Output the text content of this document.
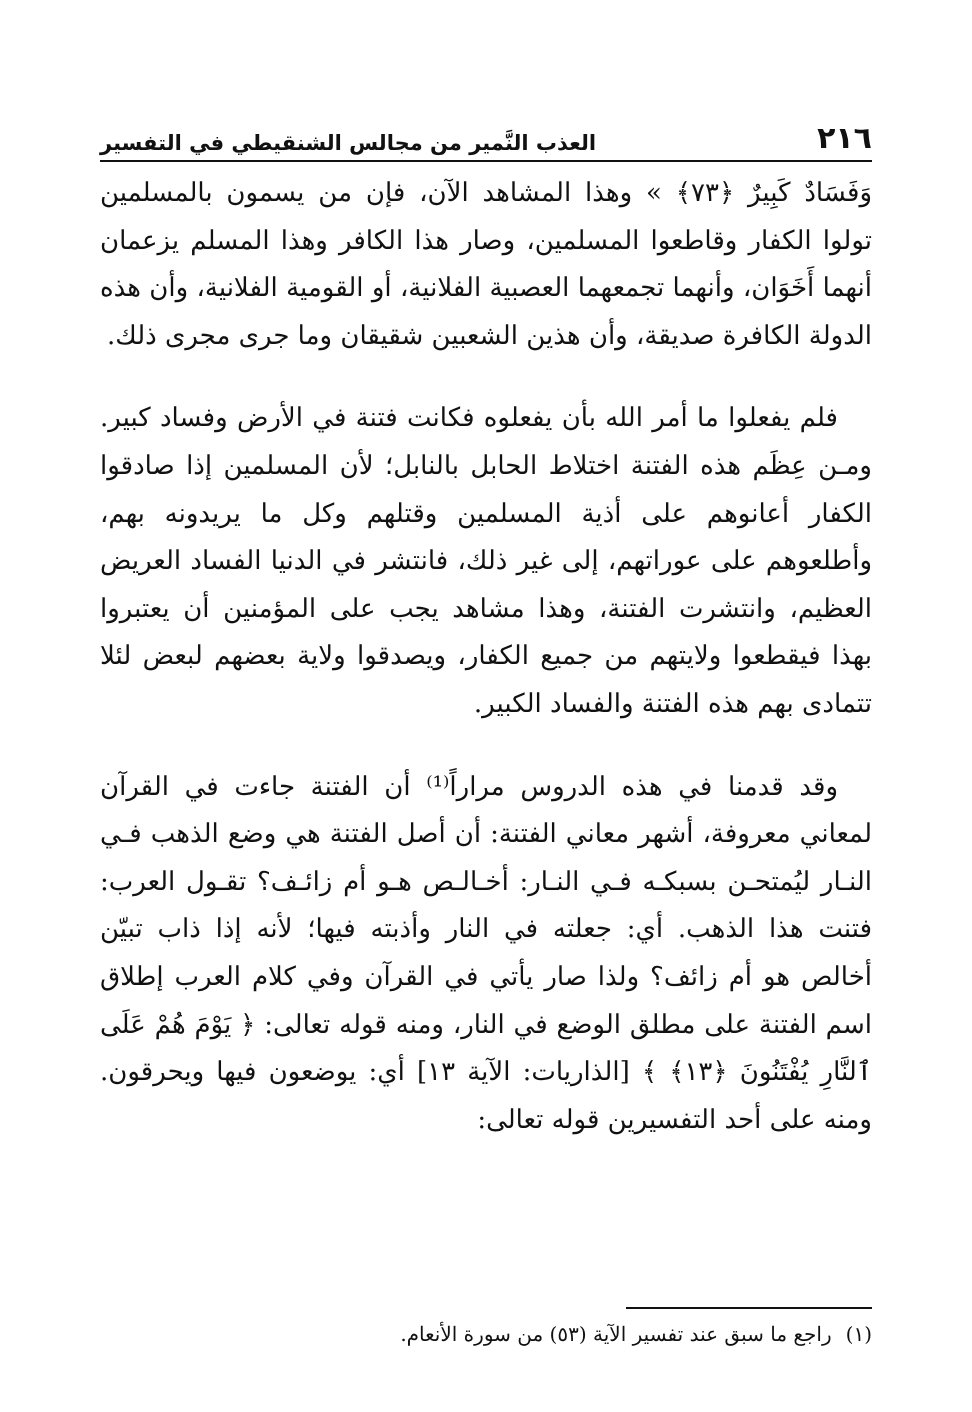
٢١٦
العذب النَّمير من مجالس الشنقيطي في التفسير

وَفَسَادٌ كَبِيرٌ ﴿٧٣﴾ » وهذا المشاهد الآن، فإن من يسمون بالمسلمين تولوا الكفار وقاطعوا المسلمين، وصار هذا الكافر وهذا المسلم يزعمان أنهما أَخَوَان، وأنهما تجمعهما العصبية الفلانية، أو القومية الفلانية، وأن هذه الدولة الكافرة صديقة، وأن هذين الشعبين شقيقان وما جرى مجرى ذلك.

فلم يفعلوا ما أمر الله بأن يفعلوه فكانت فتنة في الأرض وفساد كبير. ومـن عِظَم هذه الفتنة اختلاط الحابل بالنابل؛ لأن المسلمين إذا صادقوا الكفار أعانوهم على أذية المسلمين وقتلهم وكل ما يريدونه بهم، وأطلعوهم على عوراتهم، إلى غير ذلك، فانتشر في الدنيا الفساد العريض العظيم، وانتشرت الفتنة، وهذا مشاهد يجب على المؤمنين أن يعتبروا بهذا فيقطعوا ولايتهم من جميع الكفار، ويصدقوا ولاية بعضهم لبعض لئلا تتمادى بهم هذه الفتنة والفساد الكبير.

وقد قدمنا في هذه الدروس مراراً⁽¹⁾ أن الفتنة جاءت في القرآن لمعاني معروفة، أشهر معاني الفتنة: أن أصل الفتنة هي وضع الذهب فـي النـار ليُمتحـن بسبكـه فـي النـار: أخـالـص هـو أم زائـف؟ تقـول العرب: فتنت هذا الذهب. أي: جعلته في النار وأذبته فيها؛ لأنه إذا ذاب تبيّن أخالص هو أم زائف؟ ولذا صار يأتي في القرآن وفي كلام العرب إطلاق اسم الفتنة على مطلق الوضع في النار، ومنه قوله تعالى: ﴿ يَوْمَ هُمْ عَلَى ٱلنَّارِ يُفْتَنُونَ ﴿١٣﴾ ﴾ [الذاريات: الآية ١٣] أي: يوضعون فيها ويحرقون. ومنه على أحد التفسيرين قوله تعالى:

(١)راجع ما سبق عند تفسير الآية (٥٣) من سورة الأنعام.
